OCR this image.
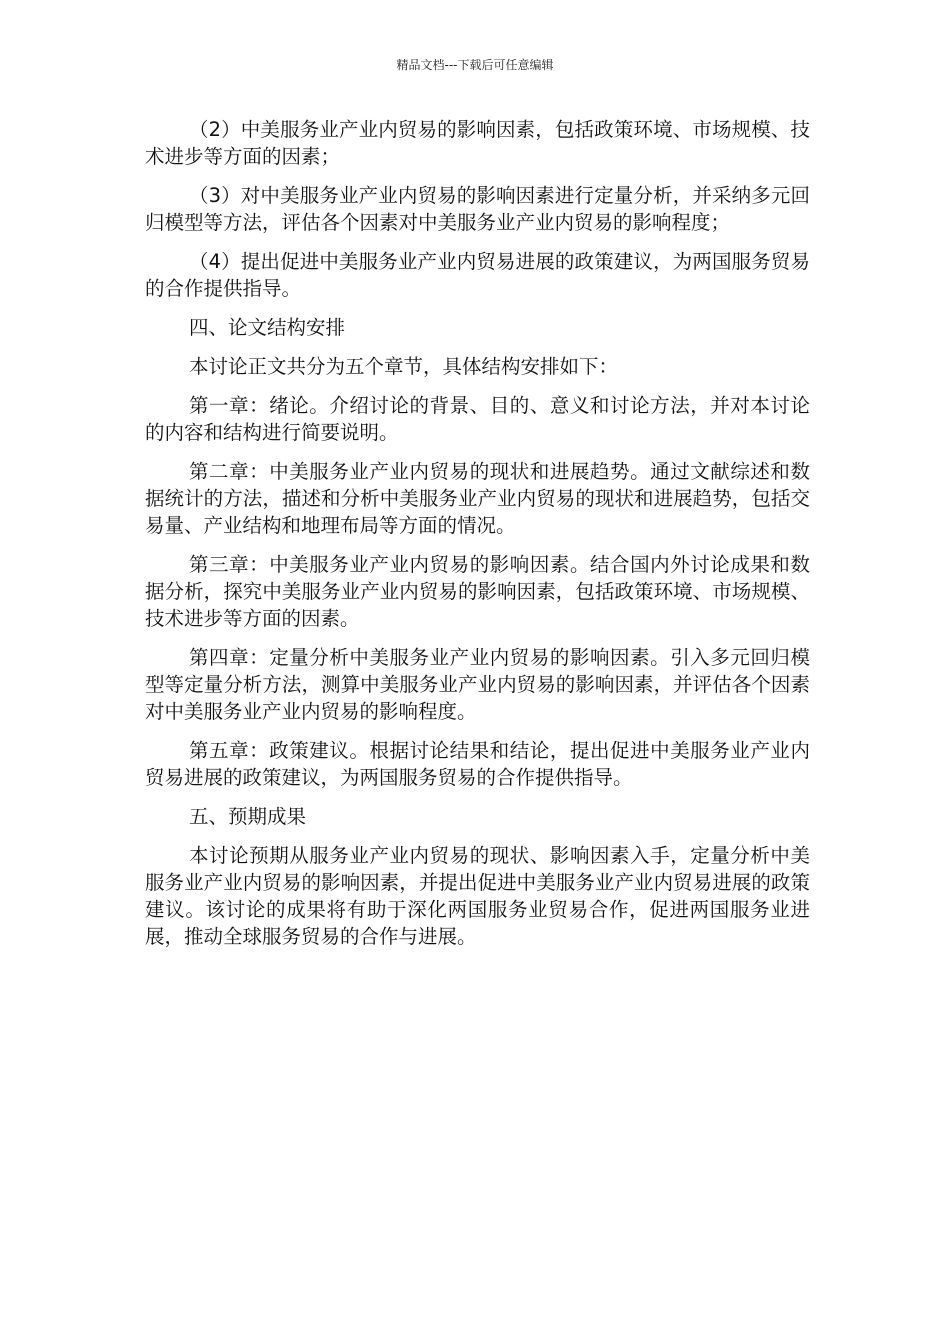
精品文档---下载后可任意编辑

（2）中美服务业产业内贸易的影响因素，包括政策环境、市场规模、技术进步等方面的因素；

（3）对中美服务业产业内贸易的影响因素进行定量分析，并采纳多元回归模型等方法，评估各个因素对中美服务业产业内贸易的影响程度；

（4）提出促进中美服务业产业内贸易进展的政策建议，为两国服务贸易的合作提供指导。

四、论文结构安排

本讨论正文共分为五个章节，具体结构安排如下：

第一章：绪论。介绍讨论的背景、目的、意义和讨论方法，并对本讨论的内容和结构进行简要说明。

第二章：中美服务业产业内贸易的现状和进展趋势。通过文献综述和数据统计的方法，描述和分析中美服务业产业内贸易的现状和进展趋势，包括交易量、产业结构和地理布局等方面的情况。

第三章：中美服务业产业内贸易的影响因素。结合国内外讨论成果和数据分析，探究中美服务业产业内贸易的影响因素，包括政策环境、市场规模、技术进步等方面的因素。

第四章：定量分析中美服务业产业内贸易的影响因素。引入多元回归模型等定量分析方法，测算中美服务业产业内贸易的影响因素，并评估各个因素对中美服务业产业内贸易的影响程度。

第五章：政策建议。根据讨论结果和结论，提出促进中美服务业产业内贸易进展的政策建议，为两国服务贸易的合作提供指导。

五、预期成果

本讨论预期从服务业产业内贸易的现状、影响因素入手，定量分析中美服务业产业内贸易的影响因素，并提出促进中美服务业产业内贸易进展的政策建议。该讨论的成果将有助于深化两国服务业贸易合作，促进两国服务业进展，推动全球服务贸易的合作与进展。
